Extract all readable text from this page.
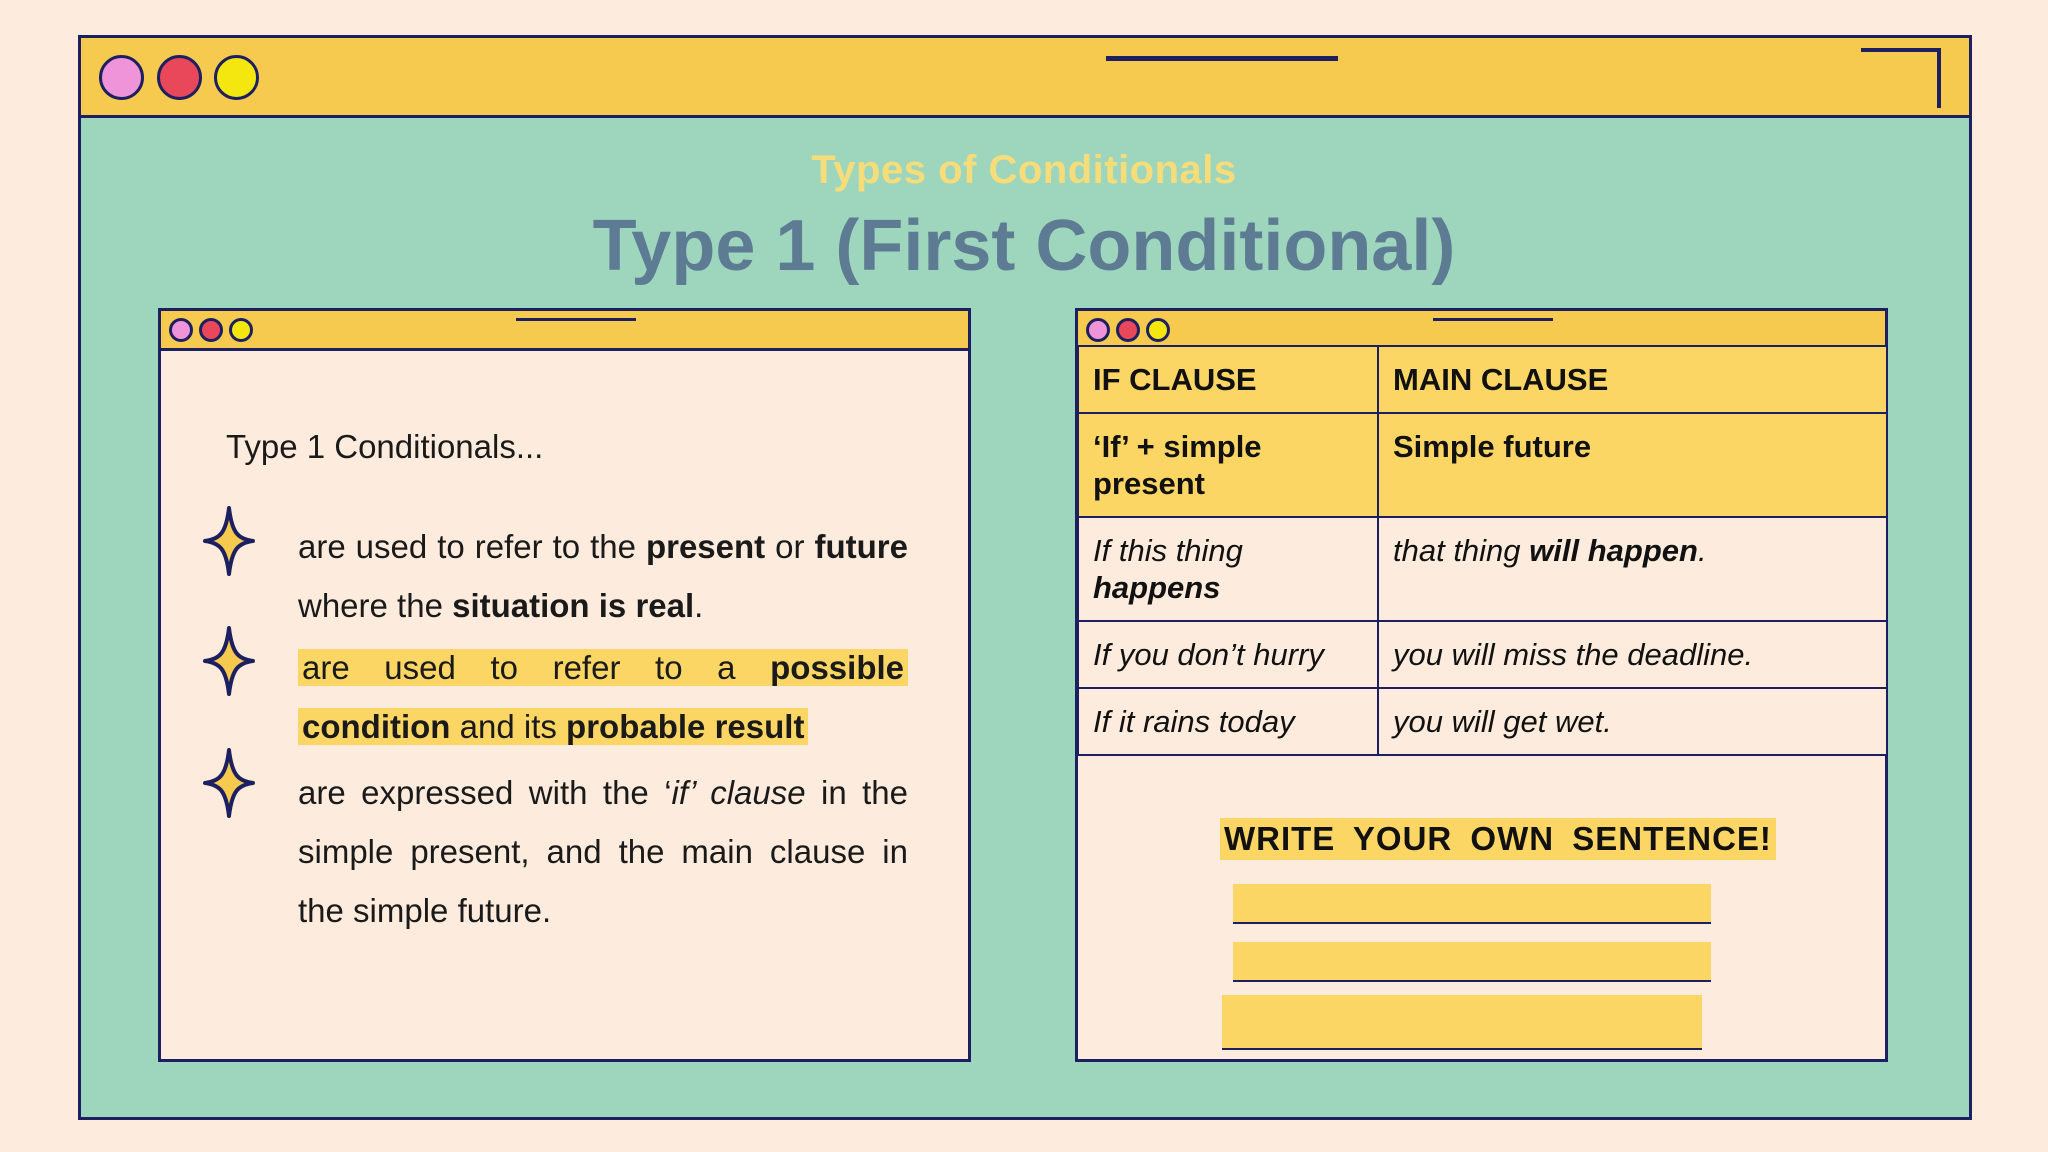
Types of Conditionals
Type 1 (First Conditional)
Type 1 Conditionals...
are used to refer to the present or future where the situation is real.
are used to refer to a possible condition and its probable result
are expressed with the ‘if’ clause in the simple present, and the main clause in the simple future.
IF CLAUSE	MAIN CLAUSE
‘If’ + simple present	Simple future
If this thing happens	that thing will happen.
If you don’t hurry	you will miss the deadline.
If it rains today	you will get wet.
WRITE YOUR OWN SENTENCE!
